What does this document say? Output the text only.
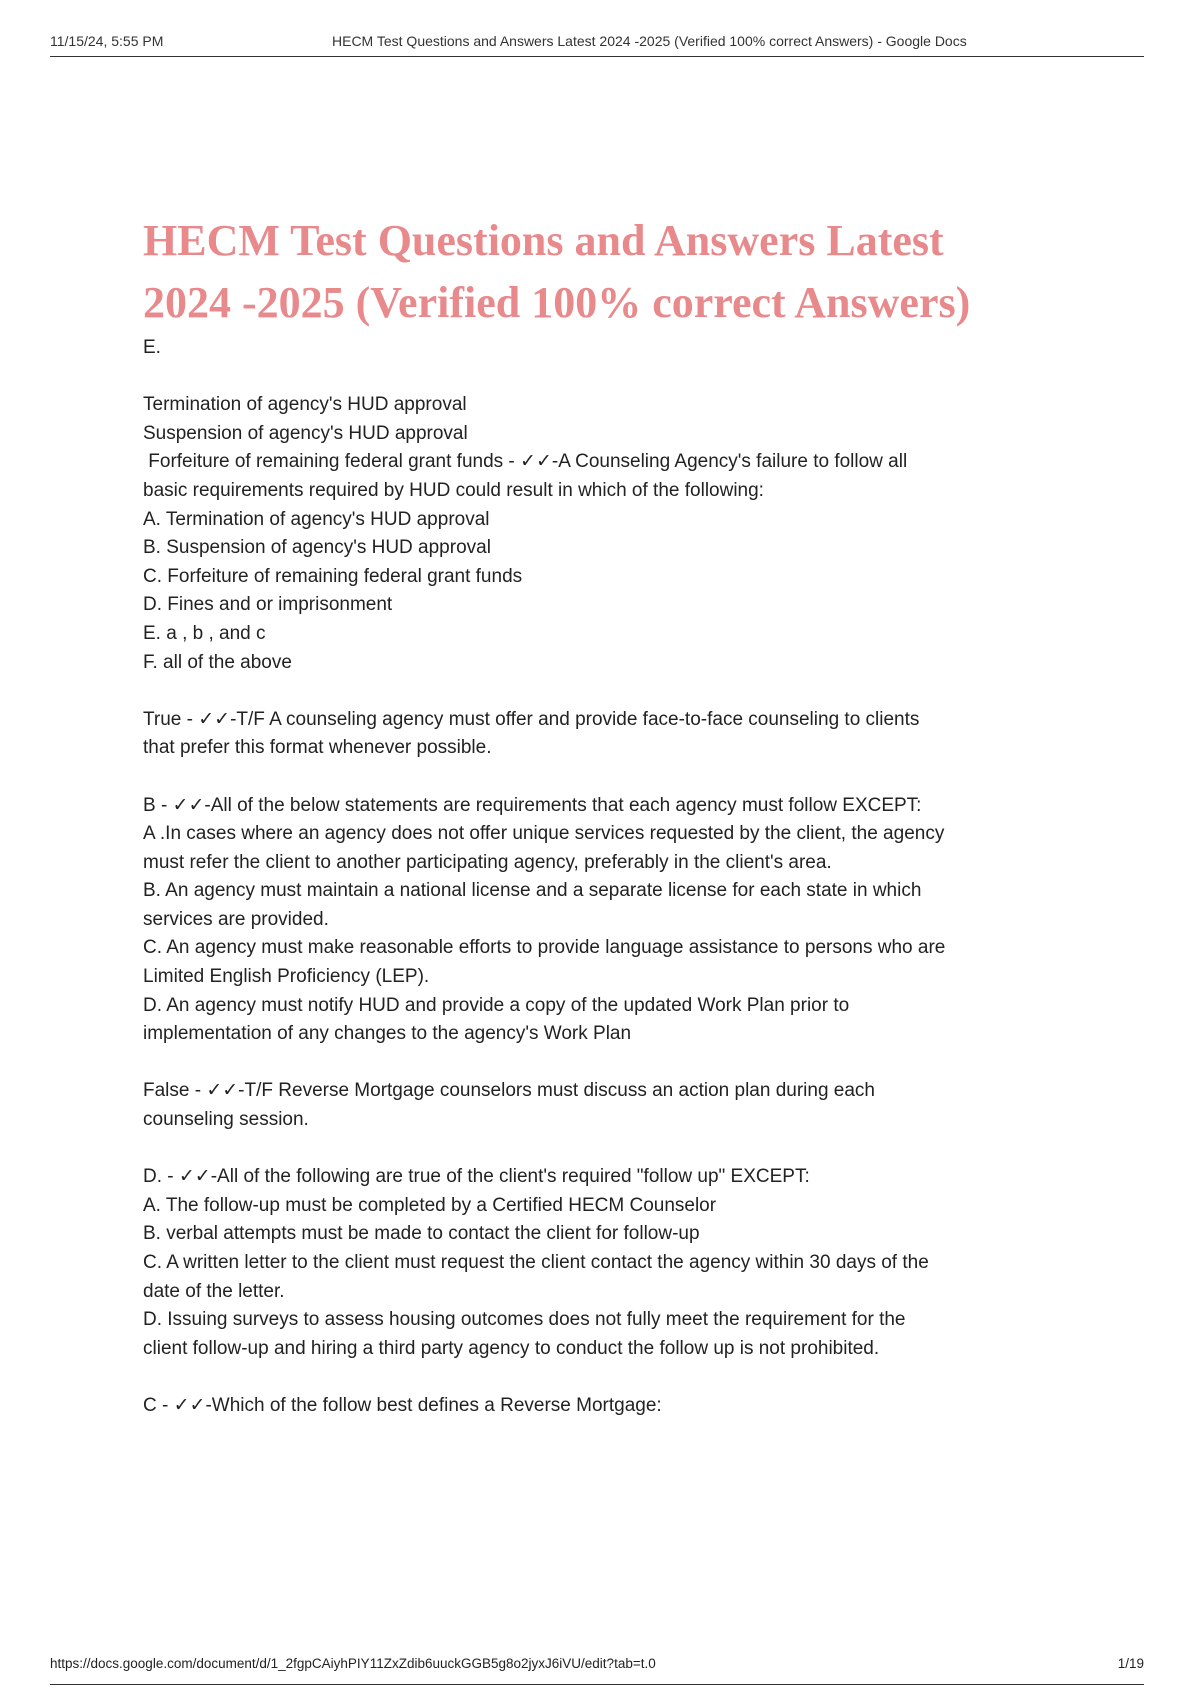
11/15/24, 5:55 PM	HECM Test Questions and Answers Latest 2024 -2025 (Verified 100% correct Answers) - Google Docs
HECM Test Questions and Answers Latest
2024 -2025 (Verified 100% correct Answers)
E.
Termination of agency's HUD approval
Suspension of agency's HUD approval
Forfeiture of remaining federal grant funds - ✓✓-A Counseling Agency's failure to follow all
basic requirements required by HUD could result in which of the following:
A. Termination of agency's HUD approval
B. Suspension of agency's HUD approval
C. Forfeiture of remaining federal grant funds
D. Fines and or imprisonment
E. a , b , and c
F. all of the above
True - ✓✓-T/F A counseling agency must offer and provide face-to-face counseling to clients
that prefer this format whenever possible.
B - ✓✓-All of the below statements are requirements that each agency must follow EXCEPT:
A .In cases where an agency does not offer unique services requested by the client, the agency
must refer the client to another participating agency, preferably in the client's area.
B. An agency must maintain a national license and a separate license for each state in which
services are provided.
C. An agency must make reasonable efforts to provide language assistance to persons who are
Limited English Proficiency (LEP).
D. An agency must notify HUD and provide a copy of the updated Work Plan prior to
implementation of any changes to the agency's Work Plan
False - ✓✓-T/F Reverse Mortgage counselors must discuss an action plan during each
counseling session.
D. - ✓✓-All of the following are true of the client's required "follow up" EXCEPT:
A. The follow-up must be completed by a Certified HECM Counselor
B. verbal attempts must be made to contact the client for follow-up
C. A written letter to the client must request the client contact the agency within 30 days of the
date of the letter.
D. Issuing surveys to assess housing outcomes does not fully meet the requirement for the
client follow-up and hiring a third party agency to conduct the follow up is not prohibited.
C - ✓✓-Which of the follow best defines a Reverse Mortgage:
https://docs.google.com/document/d/1_2fgpCAiyhPIY11ZxZdib6uuckGGB5g8o2jyxJ6iVU/edit?tab=t.0	1/19
